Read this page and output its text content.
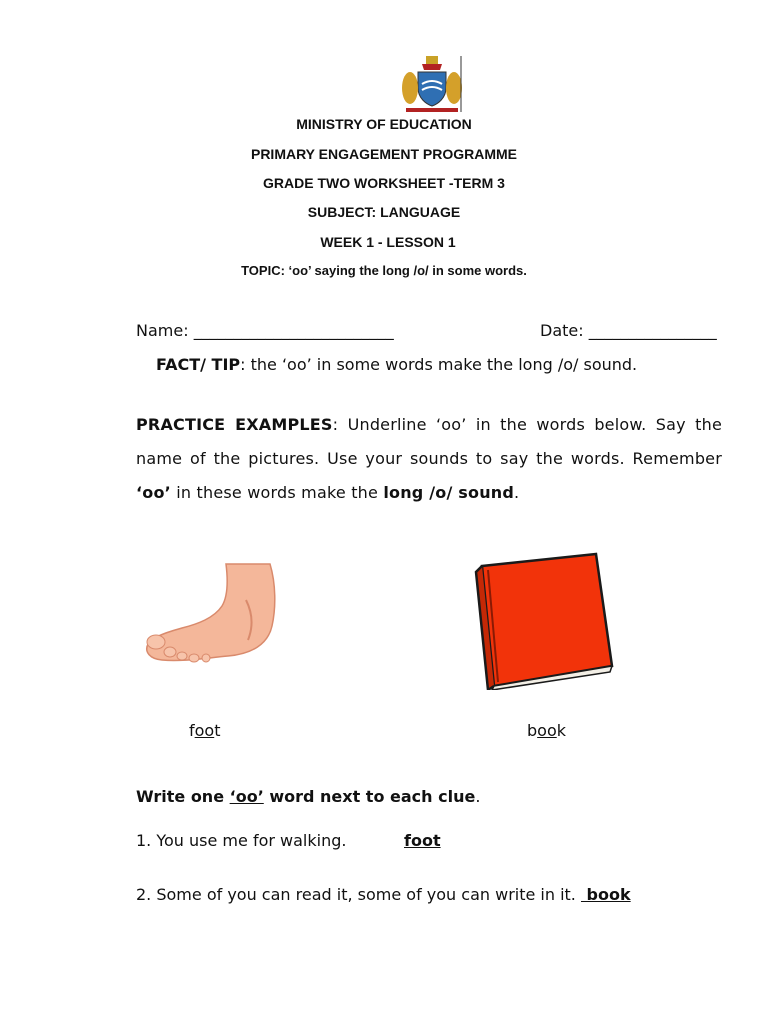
MINISTRY OF EDUCATION
PRIMARY ENGAGEMENT PROGRAMME
GRADE TWO WORKSHEET -TERM 3
SUBJECT: LANGUAGE
WEEK 1 - LESSON 1
TOPIC: ‘oo’ saying the long /o/ in some words.
Name: _________________________	Date: ________________
FACT/ TIP: the ‘oo’ in some words make the long /o/ sound.
PRACTICE EXAMPLES: Underline ‘oo’ in the words below. Say the name of the pictures. Use your sounds to say the words. Remember ‘oo’ in these words make the long /o/ sound.
foot	book
Write one ‘oo’ word next to each clue.
1. You use me for walking.	foot
2. Some of you can read it, some of you can write in it.  book
